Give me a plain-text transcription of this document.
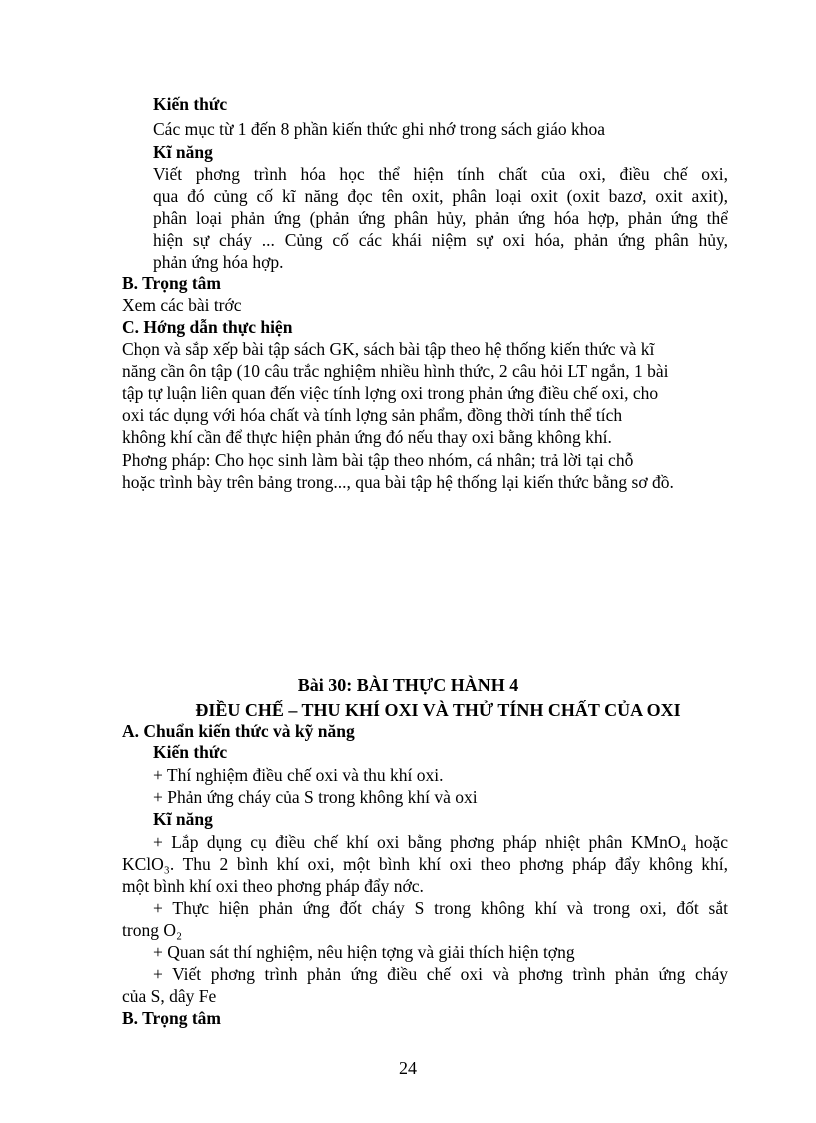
Kiến thức
Các mục từ 1 đến 8 phần kiến thức ghi nhớ trong sách giáo khoa
Kĩ năng
Viết phơng trình hóa học thể hiện tính chất của oxi, điều chế oxi,
qua đó củng cố kĩ năng đọc tên oxit, phân loại oxit (oxit bazơ, oxit axit),
phân loại phản ứng (phản ứng phân hủy, phản ứng hóa hợp, phản ứng thể
hiện sự cháy ... Củng cố các khái niệm sự oxi hóa, phản ứng phân hủy,
phản ứng hóa hợp.
B. Trọng tâm
Xem các bài trớc
C. Hớng dẫn thực hiện
Chọn và sắp xếp bài tập sách GK, sách bài tập theo hệ thống kiến thức và kĩ
năng cần ôn tập (10 câu trắc nghiệm nhiều hình thức, 2 câu hỏi LT ngắn, 1 bài
tập tự luận liên quan đến việc tính lợng oxi trong phản ứng điều chế oxi, cho
oxi tác dụng với hóa chất và tính lợng sản phẩm, đồng thời tính thể tích
không khí cần để thực hiện phản ứng đó nếu thay oxi bằng không khí.
Phơng pháp: Cho học sinh làm bài tập theo nhóm, cá nhân; trả lời tại chỗ
hoặc trình bày trên bảng trong..., qua bài tập hệ thống lại kiến thức bằng sơ đồ.
Bài 30: BÀI THỰC HÀNH 4
ĐIỀU CHẾ – THU KHÍ OXI VÀ THỬ TÍNH CHẤT CỦA OXI
A. Chuẩn kiến thức và kỹ năng
Kiến thức
+ Thí nghiệm điều chế oxi và thu khí oxi.
+ Phản ứng cháy của S trong không khí và oxi
Kĩ năng
+ Lắp dụng cụ điều chế khí oxi bằng phơng pháp nhiệt phân KMnO₄ hoặc
KClO₃. Thu 2 bình khí oxi, một bình khí oxi theo phơng pháp đẩy không khí,
một bình khí oxi theo phơng pháp đẩy nớc.
+ Thực hiện phản ứng đốt cháy S trong không khí và trong oxi, đốt sắt
trong O₂
+ Quan sát thí nghiệm, nêu hiện tợng và giải thích hiện tợng
+ Viết phơng trình phản ứng điều chế oxi và phơng trình phản ứng cháy
của S, dây Fe
B. Trọng tâm
24
